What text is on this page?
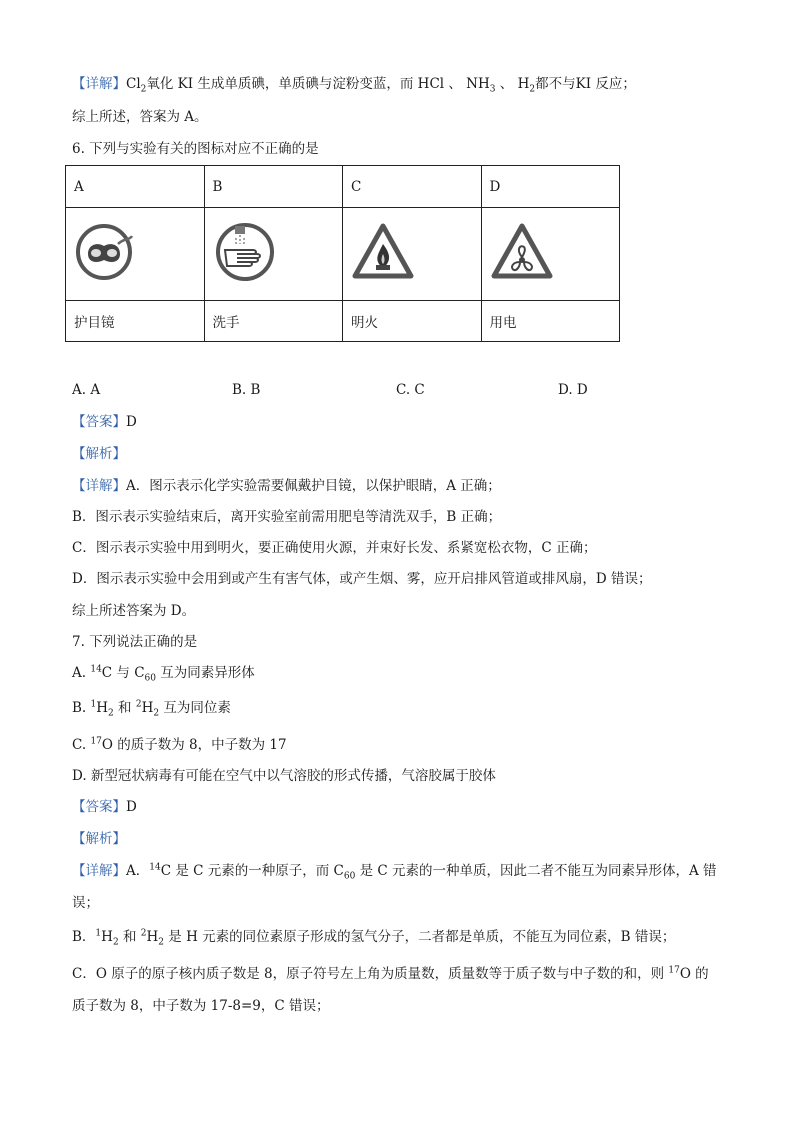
【详解】$Cl_2$氧化 KI 生成单质碘，单质碘与淀粉变蓝，而 HCl 、 $NH_3$ 、 $H_2$都不与KI 反应；
综上所述，答案为 A。
6. 下列与实验有关的图标对应不正确的是
A	B	C	D

护目镜	洗手	明火	用电
A. A	B. B	C. C	D. D
【答案】D
【解析】
【详解】A．图示表示化学实验需要佩戴护目镜，以保护眼睛，A 正确；
B．图示表示实验结束后，离开实验室前需用肥皂等清洗双手，B 正确；
C．图示表示实验中用到明火，要正确使用火源，并束好长发、系紧宽松衣物，C 正确；
D．图示表示实验中会用到或产生有害气体，或产生烟、雾，应开启排风管道或排风扇，D 错误；
综上所述答案为 D。
7. 下列说法正确的是
A. $^{14}$C 与 $C_{60}$ 互为同素异形体
B. $^1H_2$ 和 $^2H_2$ 互为同位素
C. $^{17}$O 的质子数为 8，中子数为 17
D. 新型冠状病毒有可能在空气中以气溶胶的形式传播，气溶胶属于胶体
【答案】D
【解析】
【详解】A．$^{14}$C 是 C 元素的一种原子，而 $C_{60}$ 是 C 元素的一种单质，因此二者不能互为同素异形体，A 错
误；
B．$^1H_2$ 和 $^2H_2$ 是 H 元素的同位素原子形成的氢气分子，二者都是单质，不能互为同位素，B 错误；
C．O 原子的原子核内质子数是 8，原子符号左上角为质量数，质量数等于质子数与中子数的和，则 $^{17}$O 的
质子数为 8，中子数为 17-8=9，C 错误；
